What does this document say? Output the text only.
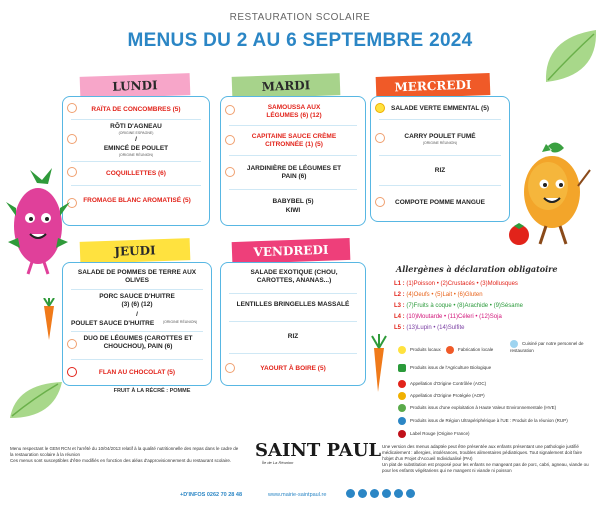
RESTAURATION SCOLAIRE
MENUS DU 2 AU 6 SEPTEMBRE 2024
LUNDI
RAÏTA DE CONCOMBRES (5)
RÔTI D'AGNEAU
(ORIGINE ESPAGNE)
/
EMINCÉ DE POULET
(ORIGINE RÉUNION)
COQUILLETTES (6)
FROMAGE BLANC AROMATISÉ (5)
MARDI
SAMOUSSA AUX LÉGUMES (6) (12)
CAPITAINE SAUCE CRÈME CITRONNÉE (1) (5)
JARDINIÈRE DE LÉGUMES ET PAIN (6)
BABYBEL (5)
KIWI
MERCREDI
SALADE VERTE EMMENTAL (5)
CARRY POULET FUMÉ
(ORIGINE RÉUNION)
RIZ
COMPOTE POMME MANGUE
JEUDI
SALADE DE POMMES DE TERRE AUX OLIVES
PORC SAUCE D'HUITRE (3) (6) (12)
/
POULET SAUCE D'HUITRE	(ORIGINE RÉUNION)
DUO DE LÉGUMES (CAROTTES ET CHOUCHOU), PAIN (6)
FLAN AU CHOCOLAT (5)
FRUIT À LA RÉCRÉ : POMME
VENDREDI
SALADE EXOTIQUE (CHOU, CAROTTES, ANANAS...)
LENTILLES BRINGELLES MASSALÉ
RIZ
YAOURT À BOIRE (5)
Allergènes à déclaration obligatoire
L1 : (1)Poisson • (2)Crustacés • (3)Mollusques
L2 : (4)Oeufs • (5)Lait • (6)Gluten
L3 : (7)Fruits à coque • (8)Arachide • (9)Sésame
L4 : (10)Moutarde • (11)Céleri • (12)Soja
L5 : (13)Lupin • (14)Sulfite
Produits locaux	Fabrication locale
Cuisiné par notre personnel de restauration
Produits issus de l'Agriculture Biologique
Appellation d'Origine Contrôlée (AOC)
Appellation d'Origine Protégée (AOP)
Produits issus d'une exploitation à Haute Valeur Environnementale (HVE)
Produits issus de Région Ultrapériphérique à l'UE : Produit de la réunion (RUP)
Label Rouge (Origine France)
Menu respectant le GEM RCN et l'arrêté du 10/04/2013 relatif à la qualité nutritionnelle des repas dans le cadre de la restauration scolaire à la réunion
Ces menus sont susceptibles d'être modifiés en fonction des aléas d'approvisionnement du restaurant scolaire.
Une version des menus adaptée peut être présentée aux enfants présentant une pathologie justifié médicalement : allergies, intolérances, troubles alimentaires pédiatriques. Tout signalement doit faire l'objet d'un Projet d'Accueil Individualisé (PAI)
Un plat de substitution est proposé pour les enfants ne mangeant pas de porc, cabri, agneau, viande ou pour les enfants végétariens qui ne mangent ni viande ni poisson
SAINT PAUL
Île de La Réunion
+D'INFOS 0262 70 28 48	www.mairie-saintpaul.re
